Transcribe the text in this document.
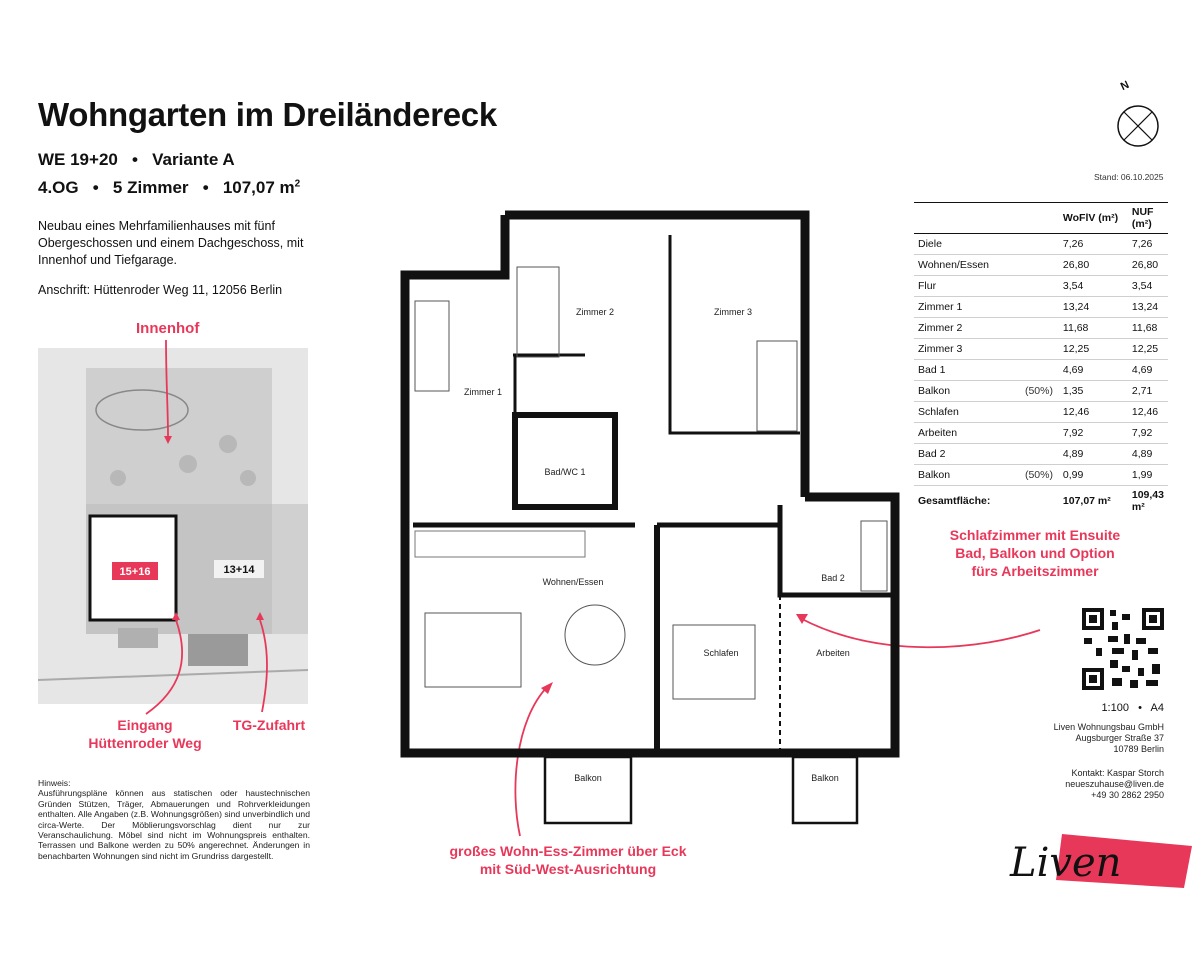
Wohngarten im Dreiländereck
WE 19+20   •   Variante A
4.OG • 5 Zimmer • 107,07 $m^2$
Neubau eines Mehrfamilienhauses mit fünf Obergeschossen und einem Dachgeschoss, mit Innenhof und Tiefgarage.
Anschrift: Hüttenroder Weg 11, 12056 Berlin
Innenhof
15+16	13+14
Eingang
Hüttenroder Weg
TG-Zufahrt
Hinweis:
Ausführungspläne können aus statischen oder haustechnischen Gründen Stützen, Träger, Abmauerungen und Rohrverkleidungen enthalten. Alle Angaben (z.B. Wohnungsgrößen) sind unverbindlich und circa-Werte. Der Möblierungsvorschlag dient nur zur Veranschaulichung. Möbel sind nicht im Wohnungspreis enthalten. Terrassen und Balkone werden zu 50% angerechnet. Änderungen in benachbarten Wohnungen sind nicht im Grundriss dargestellt.
Zimmer 1
Zimmer 2	Zimmer 3
Bad/WC 1
Wohnen/Essen
Schlafen	Arbeiten
Bad 2
Balkon	Balkon
N
Stand: 06.10.2025
		WoFlV (m²)	NUF (m²)
Diele		7,26	7,26
Wohnen/Essen		26,80	26,80
Flur		3,54	3,54
Zimmer 1		13,24	13,24
Zimmer 2		11,68	11,68
Zimmer 3		12,25	12,25
Bad 1		4,69	4,69
Balkon	(50%)	1,35	2,71
Schlafen		12,46	12,46
Arbeiten		7,92	7,92
Bad 2		4,89	4,89
Balkon	(50%)	0,99	1,99
Gesamtfläche:		107,07 m²	109,43 m²
Schlafzimmer mit Ensuite
Bad, Balkon und Option
fürs Arbeitszimmer
großes Wohn-Ess-Zimmer über Eck
mit Süd-West-Ausrichtung
1:100   •   A4
Liven Wohnungsbau GmbH
Augsburger Straße 37
10789 Berlin
Kontakt: Kaspar Storch
neueszuhause@liven.de
+49 30 2862 2950
Liven
